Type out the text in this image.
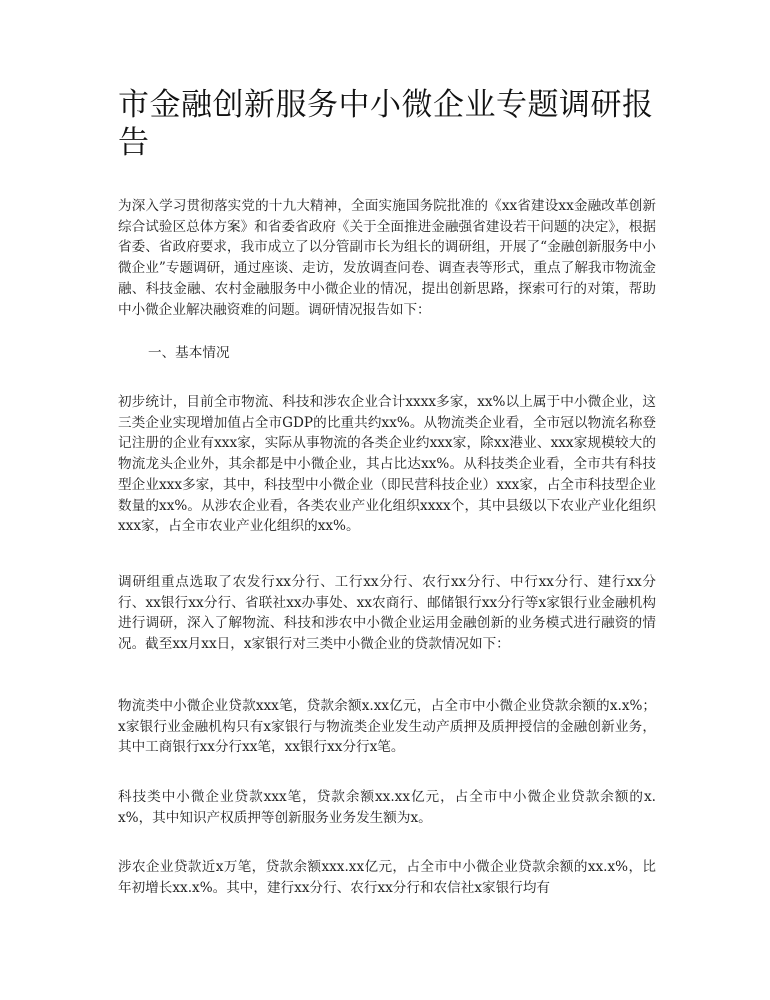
市金融创新服务中小微企业专题调研报告

为深入学习贯彻落实党的十九大精神，全面实施国务院批准的《xx省建设xx金融改革创新综合试验区总体方案》和省委省政府《关于全面推进金融强省建设若干问题的决定》，根据省委、省政府要求，我市成立了以分管副市长为组长的调研组，开展了“金融创新服务中小微企业”专题调研，通过座谈、走访，发放调查问卷、调查表等形式，重点了解我市物流金融、科技金融、农村金融服务中小微企业的情况，提出创新思路，探索可行的对策，帮助中小微企业解决融资难的问题。调研情况报告如下：

一、基本情况

初步统计，目前全市物流、科技和涉农企业合计xxxx多家，xx%以上属于中小微企业，这三类企业实现增加值占全市GDP的比重共约xx%。从物流类企业看，全市冠以物流名称登记注册的企业有xxx家，实际从事物流的各类企业约xxx家，除xx港业、xxx家规模较大的物流龙头企业外，其余都是中小微企业，其占比达xx%。从科技类企业看，全市共有科技型企业xxx多家，其中，科技型中小微企业（即民营科技企业）xxx家，占全市科技型企业数量的xx%。从涉农企业看，各类农业产业化组织xxxx个，其中县级以下农业产业化组织xxx家，占全市农业产业化组织的xx%。

调研组重点选取了农发行xx分行、工行xx分行、农行xx分行、中行xx分行、建行xx分行、xx银行xx分行、省联社xx办事处、xx农商行、邮储银行xx分行等x家银行业金融机构进行调研，深入了解物流、科技和涉农中小微企业运用金融创新的业务模式进行融资的情况。截至xx月xx日，x家银行对三类中小微企业的贷款情况如下：

物流类中小微企业贷款xxx笔，贷款余额x.xx亿元，占全市中小微企业贷款余额的x.x%；x家银行业金融机构只有x家银行与物流类企业发生动产质押及质押授信的金融创新业务，其中工商银行xx分行xx笔，xx银行xx分行x笔。

科技类中小微企业贷款xxx笔，贷款余额xx.xx亿元，占全市中小微企业贷款余额的x.x%，其中知识产权质押等创新服务业务发生额为x。

涉农企业贷款近x万笔，贷款余额xxx.xx亿元，占全市中小微企业贷款余额的xx.x%，比年初增长xx.x%。其中，建行xx分行、农行xx分行和农信社x家银行均有
